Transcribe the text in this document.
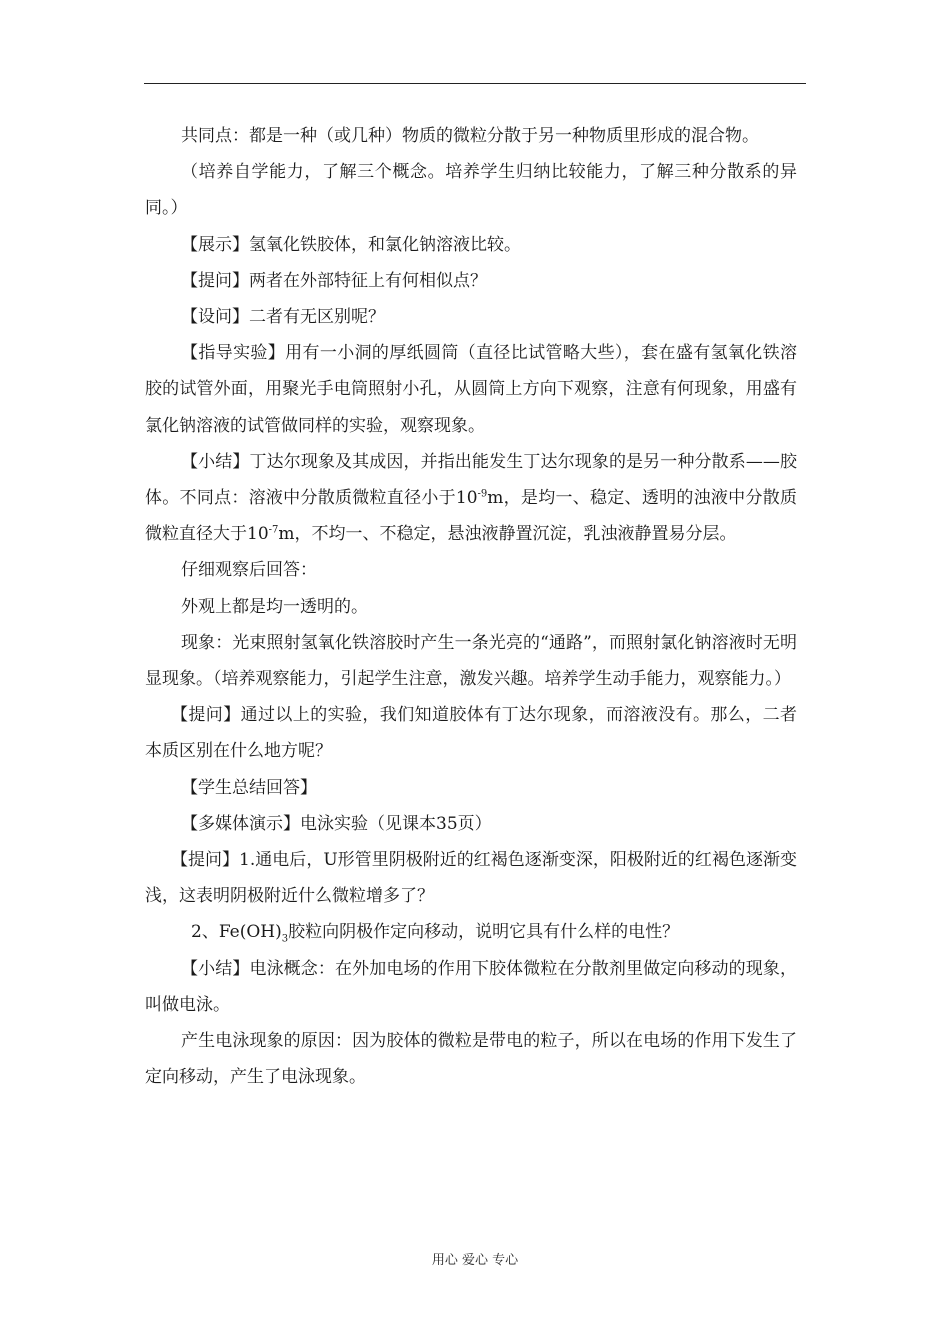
共同点：都是一种（或几种）物质的微粒分散于另一种物质里形成的混合物。

（培养自学能力，了解三个概念。培养学生归纳比较能力，了解三种分散系的异同。）

【展示】氢氧化铁胶体，和氯化钠溶液比较。

【提问】两者在外部特征上有何相似点？

【设问】二者有无区别呢？

【指导实验】用有一小洞的厚纸圆筒（直径比试管略大些），套在盛有氢氧化铁溶胶的试管外面，用聚光手电筒照射小孔，从圆筒上方向下观察，注意有何现象，用盛有氯化钠溶液的试管做同样的实验，观察现象。

【小结】丁达尔现象及其成因，并指出能发生丁达尔现象的是另一种分散系——胶体。不同点：溶液中分散质微粒直径小于$10^{-9}m$，是均一、稳定、透明的浊液中分散质微粒直径大于$10^{-7}m$，不均一、不稳定，悬浊液静置沉淀，乳浊液静置易分层。

仔细观察后回答：

外观上都是均一透明的。

现象：光束照射氢氧化铁溶胶时产生一条光亮的“通路”，而照射氯化钠溶液时无明显现象。（培养观察能力，引起学生注意，激发兴趣。培养学生动手能力，观察能力。）

【提问】通过以上的实验，我们知道胶体有丁达尔现象，而溶液没有。那么，二者本质区别在什么地方呢？

【学生总结回答】

【多媒体演示】电泳实验（见课本35页）

【提问】1.通电后，U形管里阴极附近的红褐色逐渐变深，阳极附近的红褐色逐渐变浅，这表明阴极附近什么微粒增多了？

2、$Fe(OH)_3$胶粒向阴极作定向移动，说明它具有什么样的电性？

【小结】电泳概念：在外加电场的作用下胶体微粒在分散剂里做定向移动的现象，叫做电泳。

产生电泳现象的原因：因为胶体的微粒是带电的粒子，所以在电场的作用下发生了定向移动，产生了电泳现象。

用心 爱心 专心
